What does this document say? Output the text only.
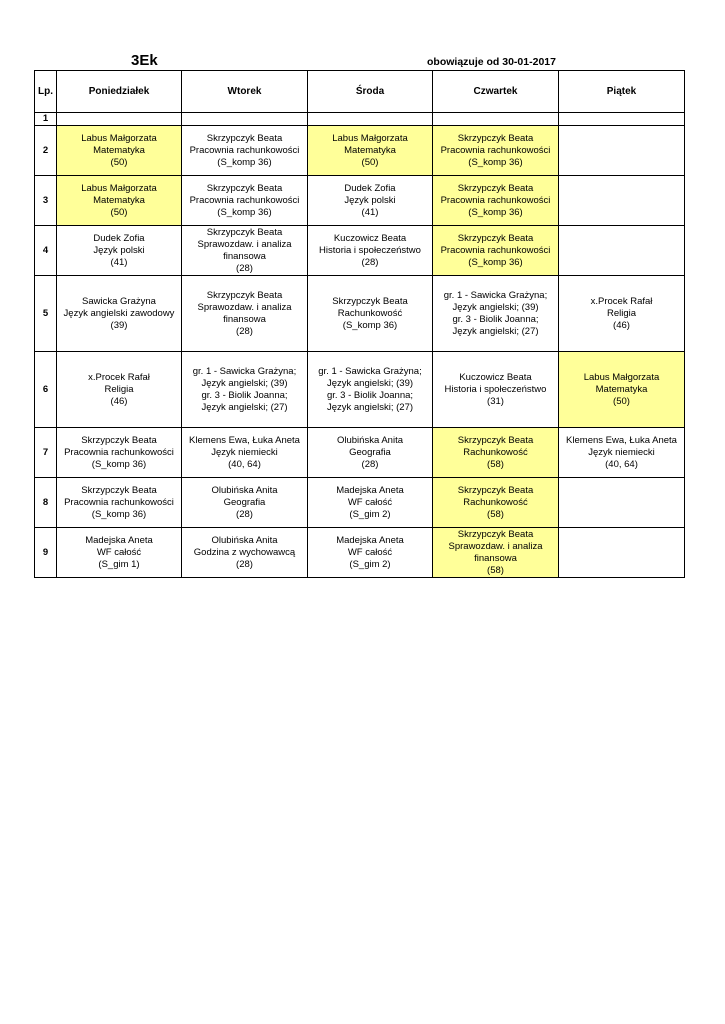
3Ek	obowiązuje od 30-01-2017
Lp.	Poniedziałek	Wtorek	Środa	Czwartek	Piątek
1					
2	Labus Małgorzata
Matematyka
(50)	Skrzypczyk Beata
Pracownia rachunkowości
(S_komp 36)	Labus Małgorzata
Matematyka
(50)	Skrzypczyk Beata
Pracownia rachunkowości
(S_komp 36)	

3	Labus Małgorzata
Matematyka
(50)	Skrzypczyk Beata
Pracownia rachunkowości
(S_komp 36)	Dudek Zofia
Język polski
(41)	Skrzypczyk Beata
Pracownia rachunkowości
(S_komp 36)	

4	Dudek Zofia
Język polski
(41)	Skrzypczyk Beata
Sprawozdaw. i analiza
finansowa
(28)	Kuczowicz Beata
Historia i społeczeństwo
(28)	Skrzypczyk Beata
Pracownia rachunkowości
(S_komp 36)	

5	Sawicka Grażyna
Język angielski zawodowy
(39)	Skrzypczyk Beata
Sprawozdaw. i analiza
finansowa
(28)	Skrzypczyk Beata
Rachunkowość
(S_komp 36)	gr. 1 - Sawicka Grażyna;
Język angielski; (39)
gr. 3 - Biolik Joanna;
Język angielski; (27)	x.Procek Rafał
Religia
(46)

6	x.Procek Rafał
Religia
(46)	gr. 1 - Sawicka Grażyna;
Język angielski; (39)
gr. 3 - Biolik Joanna;
Język angielski; (27)	gr. 1 - Sawicka Grażyna;
Język angielski; (39)
gr. 3 - Biolik Joanna;
Język angielski; (27)	Kuczowicz Beata
Historia i społeczeństwo
(31)	Labus Małgorzata
Matematyka
(50)

7	Skrzypczyk Beata
Pracownia rachunkowości
(S_komp 36)	Klemens Ewa, Łuka Aneta
Język niemiecki
(40, 64)	Olubińska Anita
Geografia
(28)	Skrzypczyk Beata
Rachunkowość
(58)	Klemens Ewa, Łuka Aneta
Język niemiecki
(40, 64)

8	Skrzypczyk Beata
Pracownia rachunkowości
(S_komp 36)	Olubińska Anita
Geografia
(28)	Madejska Aneta
WF całość
(S_gim 2)	Skrzypczyk Beata
Rachunkowość
(58)	

9	Madejska Aneta
WF całość
(S_gim 1)	Olubińska Anita
Godzina z wychowawcą
(28)	Madejska Aneta
WF całość
(S_gim 2)	Skrzypczyk Beata
Sprawozdaw. i analiza
finansowa
(58)	
